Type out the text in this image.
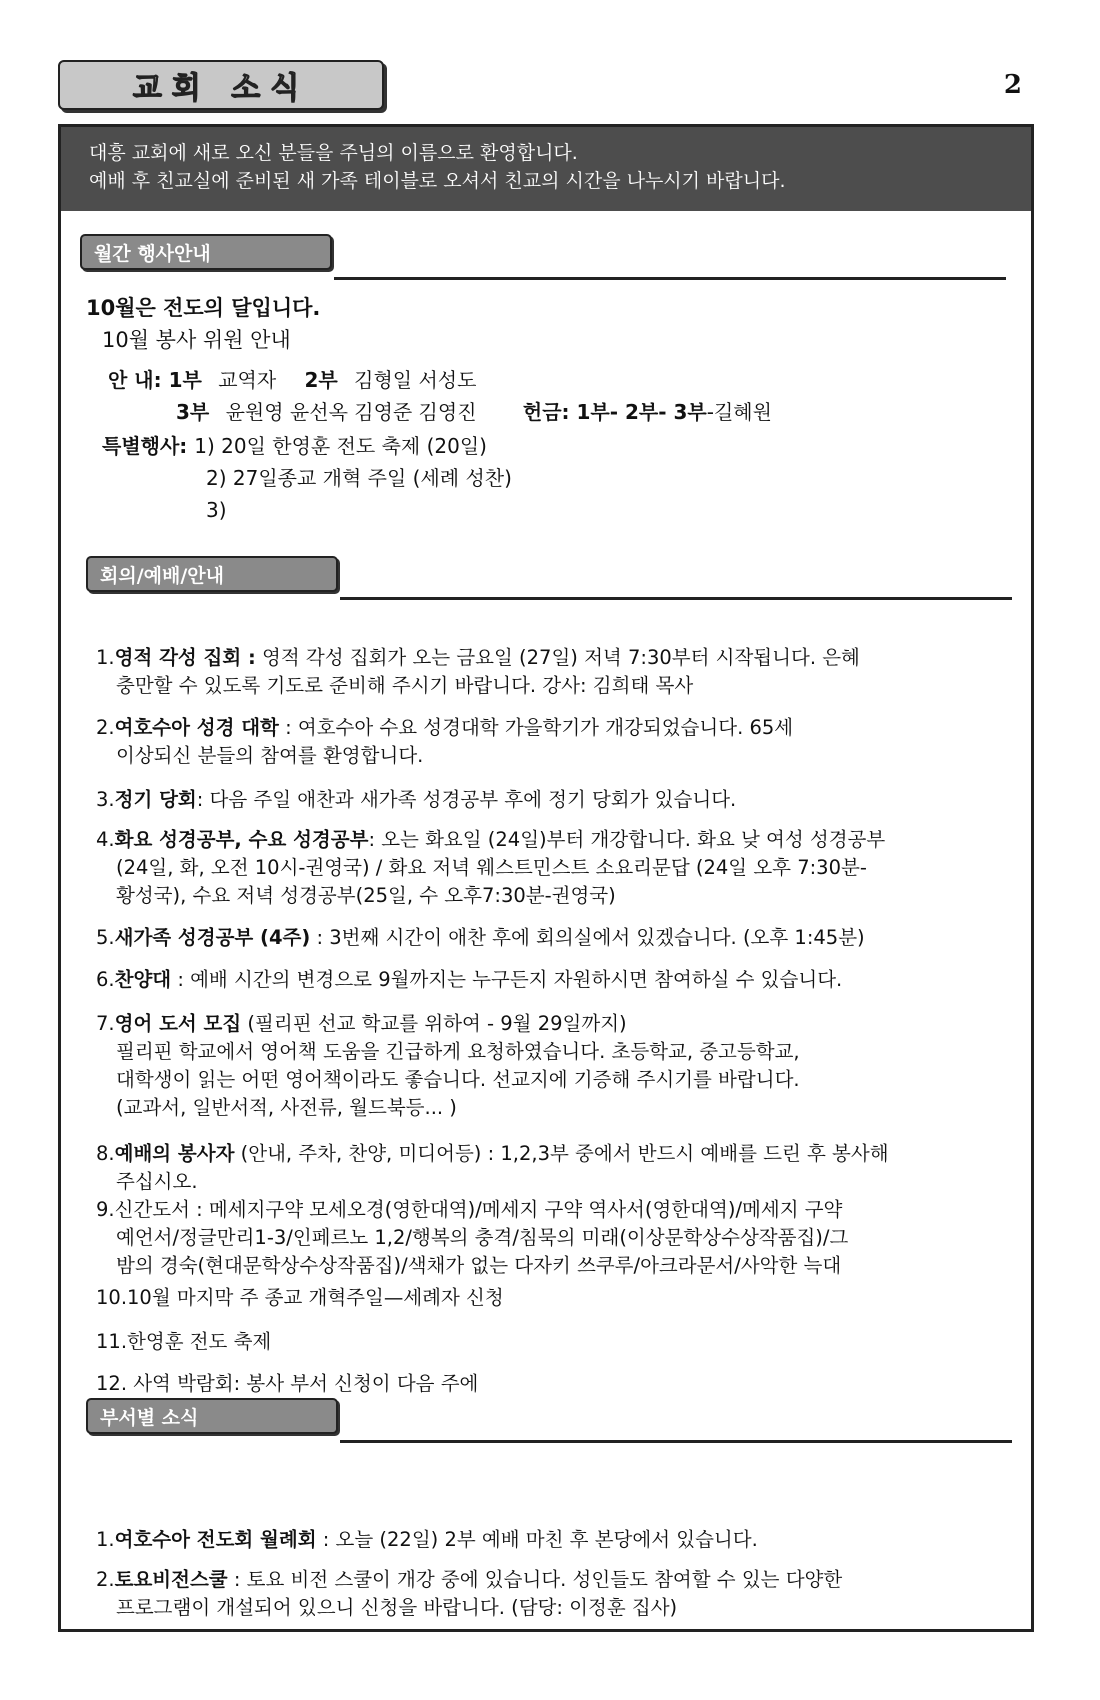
교회 소식	2
대흥 교회에 새로 오신 분들을 주님의 이름으로 환영합니다.
예배 후 친교실에 준비된 새 가족 테이블로 오셔서 친교의 시간을 나누시기 바랍니다.
월간 행사안내
10월은 전도의 달입니다.
10월 봉사 위원 안내
안 내: 1부 교역자 2부 김형일 서성도
3부 윤원영 윤선옥 김영준 김영진 헌금: 1부- 2부- 3부-길혜원
특별행사: 1) 20일 한영훈 전도 축제 (20일)
2) 27일종교 개혁 주일 (세례 성찬)
3)
회의/예배/안내
1.영적 각성 집회 : 영적 각성 집회가 오는 금요일 (27일) 저녁 7:30부터 시작됩니다. 은혜
충만할 수 있도록 기도로 준비해 주시기 바랍니다. 강사: 김희태 목사
2.여호수아 성경 대학 : 여호수아 수요 성경대학 가을학기가 개강되었습니다. 65세
이상되신 분들의 참여를 환영합니다.
3.정기 당회: 다음 주일 애찬과 새가족 성경공부 후에 정기 당회가 있습니다.
4.화요 성경공부, 수요 성경공부: 오는 화요일 (24일)부터 개강합니다. 화요 낮 여성 성경공부
(24일, 화, 오전 10시-권영국) / 화요 저녁 웨스트민스트 소요리문답 (24일 오후 7:30분-
황성국), 수요 저녁 성경공부(25일, 수 오후7:30분-권영국)
5.새가족 성경공부 (4주) : 3번째 시간이 애찬 후에 회의실에서 있겠습니다. (오후 1:45분)
6.찬양대 : 예배 시간의 변경으로 9월까지는 누구든지 자원하시면 참여하실 수 있습니다.
7.영어 도서 모집 (필리핀 선교 학교를 위하여 - 9월 29일까지)
필리핀 학교에서 영어책 도움을 긴급하게 요청하였습니다. 초등학교, 중고등학교,
대학생이 읽는 어떤 영어책이라도 좋습니다. 선교지에 기증해 주시기를 바랍니다.
(교과서, 일반서적, 사전류, 월드북등... )
8.예배의 봉사자 (안내, 주차, 찬양, 미디어등) : 1,2,3부 중에서 반드시 예배를 드린 후 봉사해
주십시오.
9.신간도서 : 메세지구약 모세오경(영한대역)/메세지 구약 역사서(영한대역)/메세지 구약
예언서/정글만리1-3/인페르노 1,2/행복의 충격/침묵의 미래(이상문학상수상작품집)/그
밤의 경숙(현대문학상수상작품집)/색채가 없는 다자키 쓰쿠루/아크라문서/사악한 늑대
10.10월 마지막 주 종교 개혁주일—세례자 신청
11.한영훈 전도 축제
12. 사역 박람회: 봉사 부서 신청이 다음 주에
부서별 소식
1.여호수아 전도회 월례회 : 오늘 (22일) 2부 예배 마친 후 본당에서 있습니다.
2.토요비전스쿨 : 토요 비전 스쿨이 개강 중에 있습니다. 성인들도 참여할 수 있는 다양한
프로그램이 개설되어 있으니 신청을 바랍니다. (담당: 이정훈 집사)
